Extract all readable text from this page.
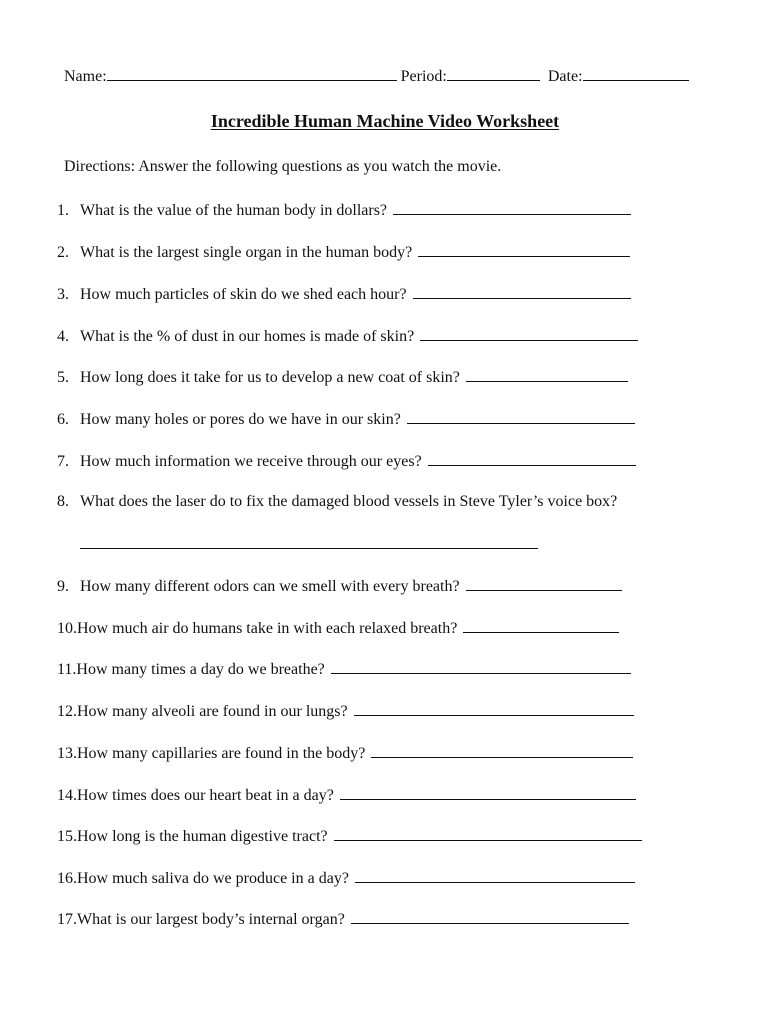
Name:	Period:	Date:
Incredible Human Machine Video Worksheet
Directions: Answer the following questions as you watch the movie.
1. What is the value of the human body in dollars?
2. What is the largest single organ in the human body?
3. How much particles of skin do we shed each hour?
4. What is the % of dust in our homes is made of skin?
5. How long does it take for us to develop a new coat of skin?
6. How many holes or pores do we have in our skin?
7. How much information we receive through our eyes?
8. What does the laser do to fix the damaged blood vessels in Steve Tyler’s voice box?
9. How many different odors can we smell with every breath?
10. How much air do humans take in with each relaxed breath?
11. How many times a day do we breathe?
12. How many alveoli are found in our lungs?
13. How many capillaries are found in the body?
14. How times does our heart beat in a day?
15. How long is the human digestive tract?
16. How much saliva do we produce in a day?
17. What is our largest body’s internal organ?
